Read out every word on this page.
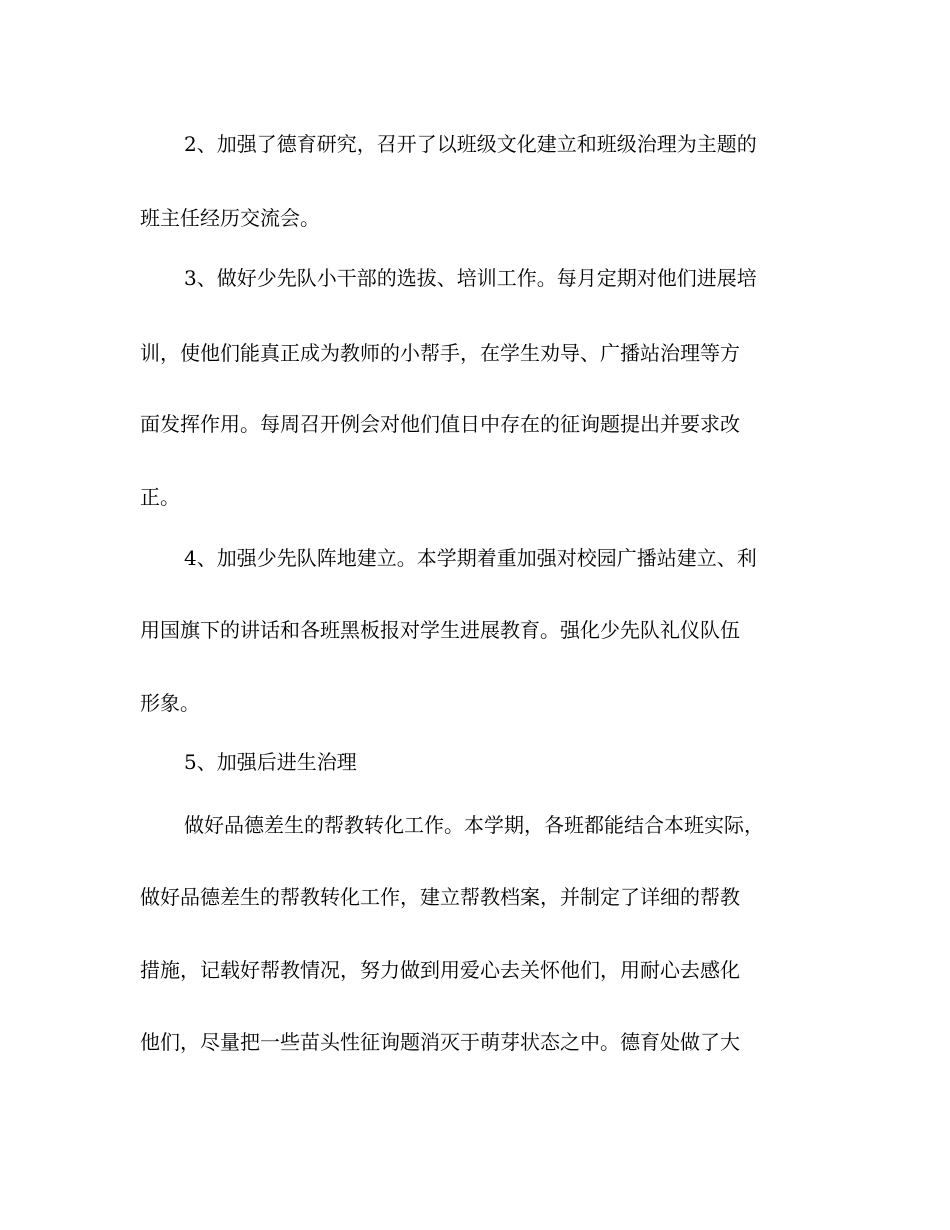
2、加强了德育研究，召开了以班级文化建立和班级治理为主题的
班主任经历交流会。
3、做好少先队小干部的选拔、培训工作。每月定期对他们进展培
训，使他们能真正成为教师的小帮手，在学生劝导、广播站治理等方
面发挥作用。每周召开例会对他们值日中存在的征询题提出并要求改
正。
4、加强少先队阵地建立。本学期着重加强对校园广播站建立、利
用国旗下的讲话和各班黑板报对学生进展教育。强化少先队礼仪队伍
形象。
5、加强后进生治理
做好品德差生的帮教转化工作。本学期，各班都能结合本班实际，
做好品德差生的帮教转化工作，建立帮教档案，并制定了详细的帮教
措施，记载好帮教情况，努力做到用爱心去关怀他们，用耐心去感化
他们，尽量把一些苗头性征询题消灭于萌芽状态之中。德育处做了大
